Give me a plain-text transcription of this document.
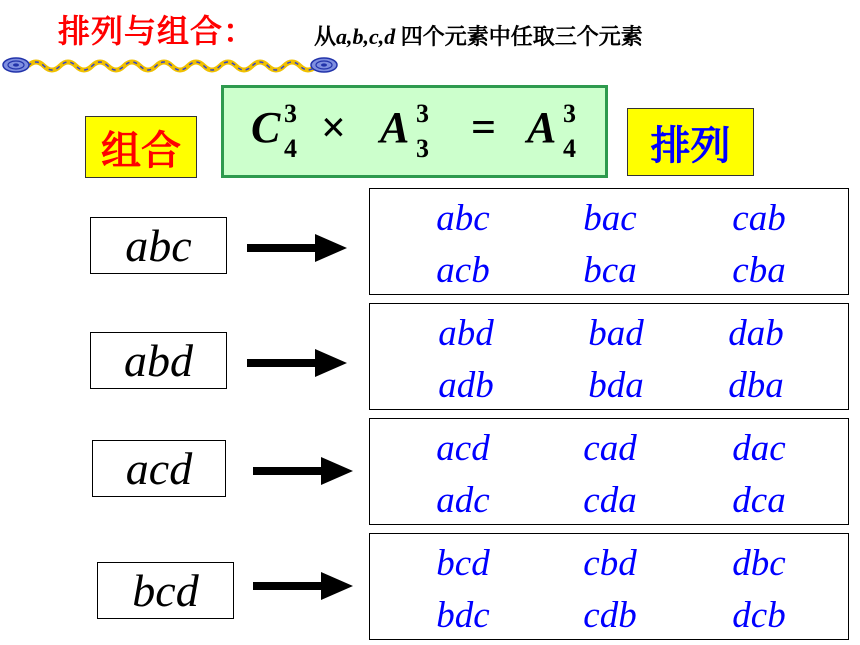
排列与组合：	从a,b,c,d 四个元素中任取三个元素
组合	排列
C 3
4 × A 3
3 = A 3
4
abc
abc	bac	cab
acb	bca	cba
abd
abd	bad dab
adb	bda dba
acd	acd	cad	dac
adc	cda	dca
bcd
bcd	cbd	dbc
bdc	cdb	dcb
